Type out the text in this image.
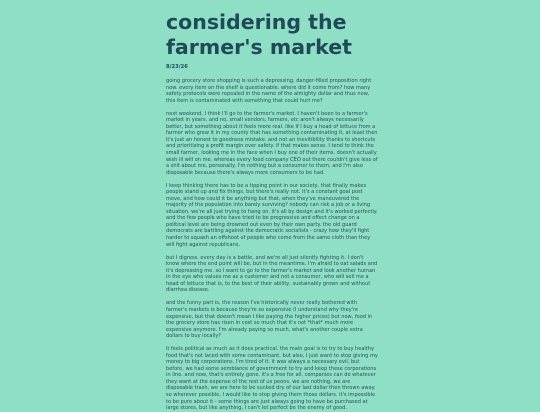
considering the farmer's market
8/23/26

going grocery store shopping is such a depressing, danger-filled proposition right now. every item on the shelf is questionable. where did it come from? how many safety protocols were repealed in the name of the almighty dollar and thus now, this item is contaminated with something that could hurt me?

next weekend, I think I'll go to the farmer's market. I haven't been to a farmer's market in years. and no, small vendors, farmers, etc aren't always necessarily better, but something about it feels more real. like if I buy a head of lettuce from a farmer who grew it in my county that has something contaminating it, at least then it's just an honest to goodness mistake. and not an inevitibility thanks to shortcuts and prioritizing a profit margin over safety. if that makes sense. I tend to think the small farmer, looking me in the face when I buy one of their items, doesn't actually wish ill will on me. whereas every food company CEO out there couldn't give less of a shit about me, personally. I'm nothing but a consumer to them, and I'm also disposable because there's always more consumers to be had.

I keep thinking there has to be a tipping point in our society, that finally makes people stand up and fix things, but there's really not. it's a constant goal post move, and how could it be anything but that, when they've maneuvered the majority of the population into barely surviving? nobody can risk a job or a living situation. we're all just trying to hang on. it's all by design and it's worked perfectly. and the few people who have tried to be progressive and effect change on a political level are being drowned out even by their own party. the old guard democrats are battling against the democratic socialists - crazy how they'll fight harder to squash an offshoot of people who come from the same cloth than they will fight against republicans.

but I digress. every day is a battle, and we're all just silently fighting it. I don't know where the end point will be, but in the meantime, I'm afraid to eat salads and it's depressing me. so I want to go to the farmer's market and look another human in the eye who values me as a customer and not a consumer, who will sell me a head of lettuce that is, to the best of their ability, sustainably grown and without diarrhea disease.

and the funny part is, the reason I've historically never really bothered with farmer's markets is because they're so expensive (I understand why they're expensive, but that doesn't mean I like paying the higher prices) but now, food in the grocery store has risen in cost so much that it's not *that* much more expensive anymore. I'm already paying so much, what's another couple extra dollars to buy locally?

it feels political as much as it does practical. the main goal is to try to buy healthy food that's not laced with some contaminant. but also, I just want to stop giving my money to big corporations. I'm tired of it. it was always a necessary evil, but before, we had some semblance of government to try and keep these corporations in line. and now, that's entirely gone. it's a free for all. companies can do whatever they want at the expense of the rest of us peons. we are nothing, we are disposable trash, we are here to be sucked dry of our last dollar then thrown away. so wherever possible, I would like to stop giving them those dollars. it's impossible to be pure about it - some things are just always going to have be purchased at large stores, but like anything, I can't let perfect be the enemy of good.
